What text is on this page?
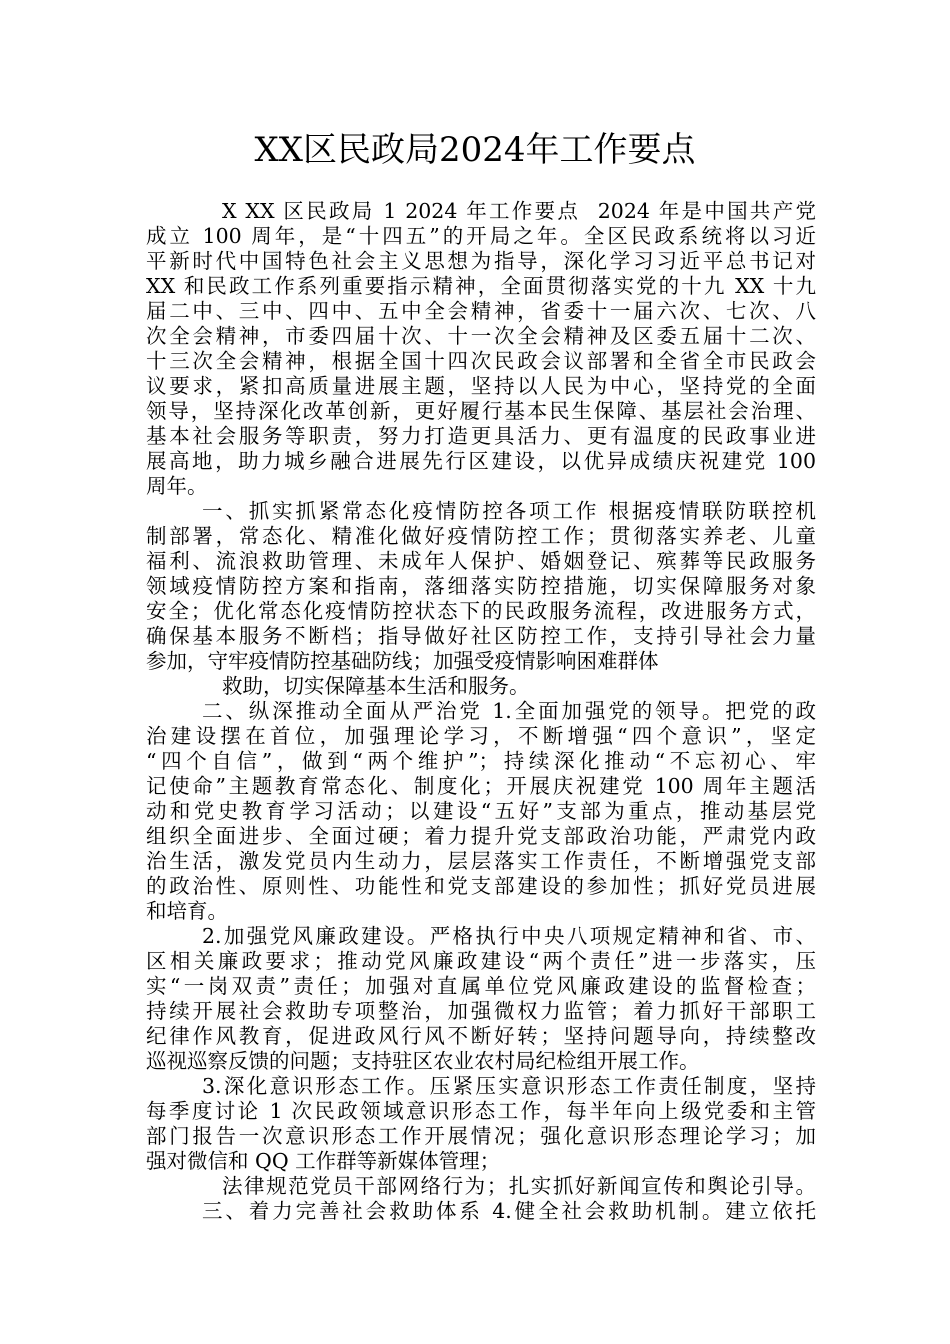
XX区民政局2024年工作要点
X XX 区民政局 1 2024 年工作要点  2024 年是中国共产党
成立 100 周年，是“十四五”的开局之年。全区民政系统将以习近
平新时代中国特色社会主义思想为指导，深化学习习近平总书记对
XX 和民政工作系列重要指示精神，全面贯彻落实党的十九 XX 十九
届二中、三中、四中、五中全会精神，省委十一届六次、七次、八
次全会精神，市委四届十次、十一次全会精神及区委五届十二次、
十三次全会精神，根据全国十四次民政会议部署和全省全市民政会
议要求，紧扣高质量进展主题，坚持以人民为中心，坚持党的全面
领导，坚持深化改革创新，更好履行基本民生保障、基层社会治理、
基本社会服务等职责，努力打造更具活力、更有温度的民政事业进
展高地，助力城乡融合进展先行区建设，以优异成绩庆祝建党 100
周年。
一、抓实抓紧常态化疫情防控各项工作 根据疫情联防联控机
制部署，常态化、精准化做好疫情防控工作；贯彻落实养老、儿童
福利、流浪救助管理、未成年人保护、婚姻登记、殡葬等民政服务
领域疫情防控方案和指南，落细落实防控措施，切实保障服务对象
安全；优化常态化疫情防控状态下的民政服务流程，改进服务方式，
确保基本服务不断档；指导做好社区防控工作，支持引导社会力量
参加，守牢疫情防控基础防线；加强受疫情影响困难群体
救助，切实保障基本生活和服务。
二、纵深推动全面从严治党 1.全面加强党的领导。把党的政
治建设摆在首位，加强理论学习，不断增强“四个意识”，坚定
“四个自信”，做到“两个维护”；持续深化推动“不忘初心、牢
记使命”主题教育常态化、制度化；开展庆祝建党 100 周年主题活
动和党史教育学习活动；以建设“五好”支部为重点，推动基层党
组织全面进步、全面过硬；着力提升党支部政治功能，严肃党内政
治生活，激发党员内生动力，层层落实工作责任，不断增强党支部
的政治性、原则性、功能性和党支部建设的参加性；抓好党员进展
和培育。
2.加强党风廉政建设。严格执行中央八项规定精神和省、市、
区相关廉政要求；推动党风廉政建设“两个责任”进一步落实，压
实“一岗双责”责任；加强对直属单位党风廉政建设的监督检查；
持续开展社会救助专项整治，加强微权力监管；着力抓好干部职工
纪律作风教育，促进政风行风不断好转；坚持问题导向，持续整改
巡视巡察反馈的问题；支持驻区农业农村局纪检组开展工作。
3.深化意识形态工作。压紧压实意识形态工作责任制度，坚持
每季度讨论 1 次民政领域意识形态工作，每半年向上级党委和主管
部门报告一次意识形态工作开展情况；强化意识形态理论学习；加
强对微信和 QQ 工作群等新媒体管理；
法律规范党员干部网络行为；扎实抓好新闻宣传和舆论引导。
三、着力完善社会救助体系 4.健全社会救助机制。建立依托
